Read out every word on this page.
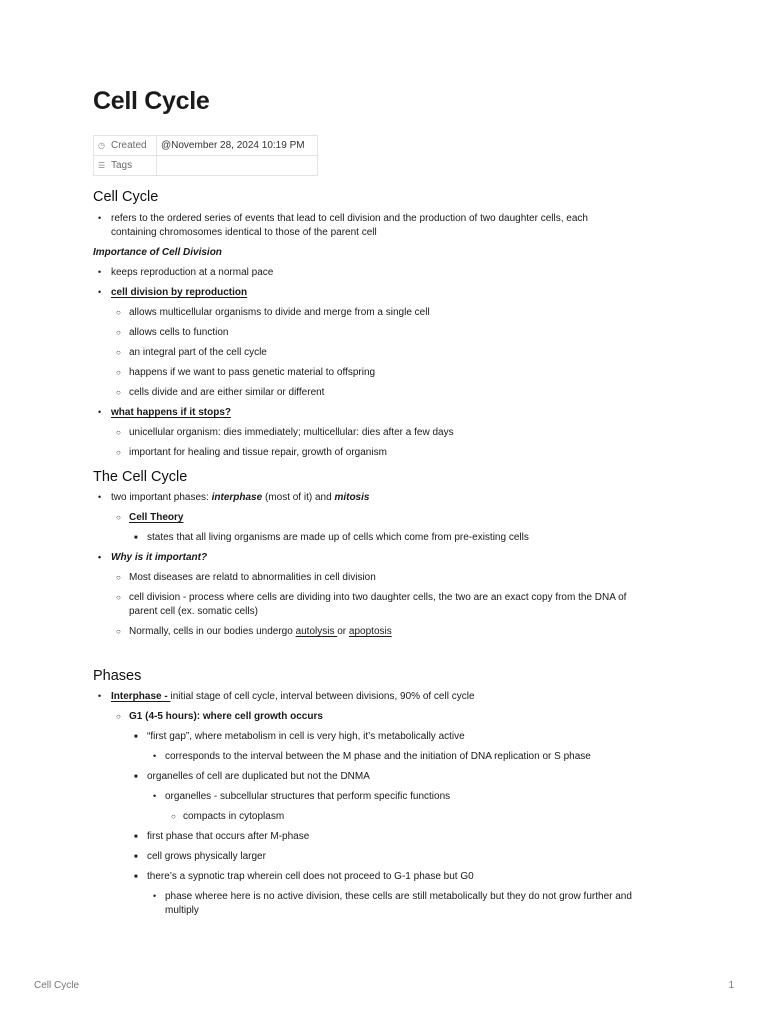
Cell Cycle
◷ Created	@November 28, 2024 10:19 PM
☰ Tags	
Cell Cycle
•
refers to the ordered series of events that lead to cell division and the production of two daughter cells, each
containing chromosomes identical to those of the parent cell
Importance of Cell Division
•
keeps reproduction at a normal pace
•
cell division by reproduction
○ allows multicellular organisms to divide and merge from a single cell
○ allows cells to function
○ an integral part of the cell cycle
○ happens if we want to pass genetic material to offspring
○ cells divide and are either similar or different
•
what happens if it stops?
○ unicellular organism: dies immediately; multicellular: dies after a few days
○ important for healing and tissue repair, growth of organism
The Cell Cycle
•
two important phases: interphase (most of it) and mitosis
○ Cell Theory
■ states that all living organisms are made up of cells which come from pre-existing cells
•
Why is it important?
○ Most diseases are relatd to abnormalities in cell division
○ cell division - process where cells are dividing into two daughter cells, the two are an exact copy from the DNA of
parent cell (ex. somatic cells)
○ Normally, cells in our bodies undergo autolysis or apoptosis
Phases
•
Interphase - initial stage of cell cycle, interval between divisions, 90% of cell cycle
○ G1 (4-5 hours): where cell growth occurs
■ “first gap”, where metabolism in cell is very high, it’s metabolically active
•
corresponds to the interval between the M phase and the initiation of DNA replication or S phase
■ organelles of cell are duplicated but not the DNMA
•
organelles - subcellular structures that perform specific functions
○ compacts in cytoplasm
■ first phase that occurs after M-phase
■ cell grows physically larger
■ there’s a sypnotic trap wherein cell does not proceed to G-1 phase but G0
•
phase wheree here is no active division, these cells are still metabolically but they do not grow further and
multiply
Cell Cycle	1
